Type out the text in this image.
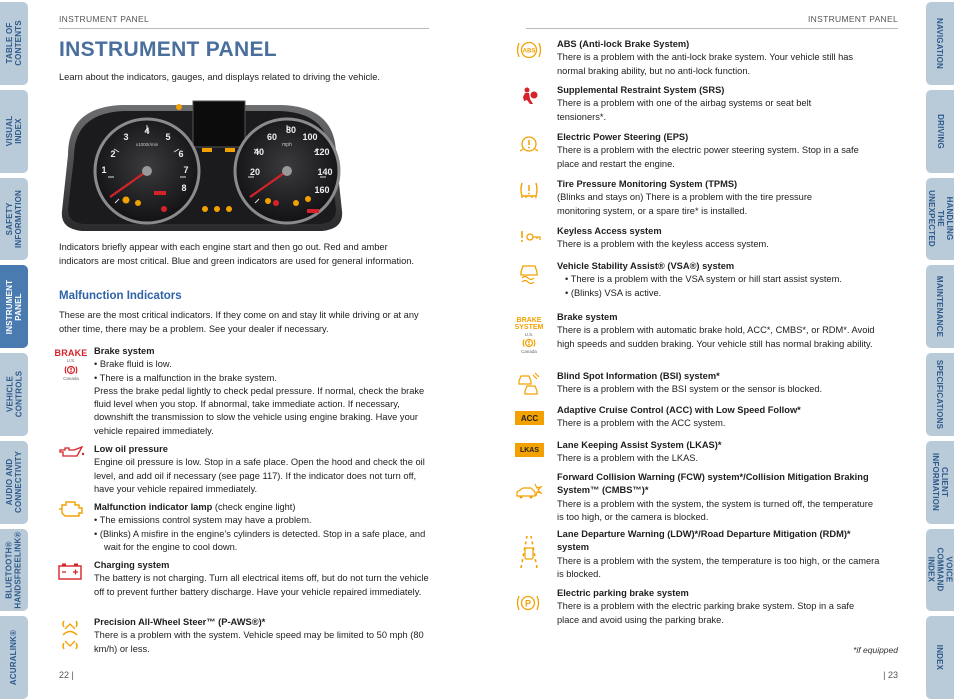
TABLE OF
CONTENTS
VISUAL INDEX
SAFETY
INFORMATION
INSTRUMENT
PANEL
VEHICLE
CONTROLS
AUDIO AND
CONNECTIVITY
BLUETOOTH®
HANDSFREELINK®
ACURALINK®
NAVIGATION
DRIVING
HANDLING THE
UNEXPECTED
MAINTENANCE
SPECIFICATIONS
CLIENT
INFORMATION
VOICE COMMAND
INDEX
INDEX
INSTRUMENT PANEL	INSTRUMENT PANEL
INSTRUMENT PANEL
Learn about the indicators, gauges, and displays related to driving the vehicle.
1
2
3
4
5
6
7
8
20
40
60
80
100
120
140
160
x1000r/min	mph
Indicators briefly appear with each engine start and then go out. Red and amber indicators are most critical. Blue and green indicators are used for general information.
Malfunction Indicators
These are the most critical indicators. If they come on and stay lit while driving or at any other time, there may be a problem. See your dealer if necessary.
BRAKE
U.S.
Canada
Brake system
• Brake fluid is low.
• There is a malfunction in the brake system.
Press the brake pedal lightly to check pedal pressure. If normal, check the brake fluid level when you stop. If abnormal, take immediate action. If necessary, downshift the transmission to slow the vehicle using engine braking. Have your vehicle repaired immediately.
Low oil pressure
Engine oil pressure is low. Stop in a safe place. Open the hood and check the oil level, and add oil if necessary (see page 117). If the indicator does not turn off, have your vehicle repaired immediately.
Malfunction indicator lamp (check engine light)
• The emissions control system may have a problem.
• (Blinks) A misfire in the engine’s cylinders is detected. Stop in a safe place, and wait for the engine to cool down.
Charging system
The battery is not charging. Turn all electrical items off, but do not turn the vehicle off to prevent further battery discharge. Have your vehicle repaired immediately.
Precision All-Wheel Steer™ (P-AWS®)*
There is a problem with the system. Vehicle speed may be limited to 50 mph (80 km/h) or less.
22 |
ABS
BRAKE
SYSTEM
U.S.
Canada
ACC
LKAS
P
ABS (Anti-lock Brake System)
There is a problem with the anti-lock brake system. Your vehicle still has normal braking ability, but no anti-lock function.
Supplemental Restraint System (SRS)
There is a problem with one of the airbag systems or seat belt tensioners*.
Electric Power Steering (EPS)
There is a problem with the electric power steering system. Stop in a safe place and restart the engine.
Tire Pressure Monitoring System (TPMS)
(Blinks and stays on) There is a problem with the tire pressure monitoring system, or a spare tire* is installed.
Keyless Access system
There is a problem with the keyless access system.
Vehicle Stability Assist® (VSA®) system
• There is a problem with the VSA system or hill start assist system.
• (Blinks) VSA is active.
Brake system
There is a problem with automatic brake hold, ACC*, CMBS*, or RDM*. Avoid high speeds and sudden braking. Your vehicle still has normal braking ability.
Blind Spot Information (BSI) system*
There is a problem with the BSI system or the sensor is blocked.
Adaptive Cruise Control (ACC) with Low Speed Follow*
There is a problem with the ACC system.
Lane Keeping Assist System (LKAS)*
There is a problem with the LKAS.
Forward Collision Warning (FCW) system*/Collision Mitigation Braking System™ (CMBS™)*
There is a problem with the system, the system is turned off, the temperature is too high, or the camera is blocked.
Lane Departure Warning (LDW)*/Road Departure Mitigation (RDM)* system
There is a problem with the system, the temperature is too high, or the camera is blocked.
Electric parking brake system
There is a problem with the electric parking brake system. Stop in a safe place and avoid using the parking brake.
*if equipped
| 23
